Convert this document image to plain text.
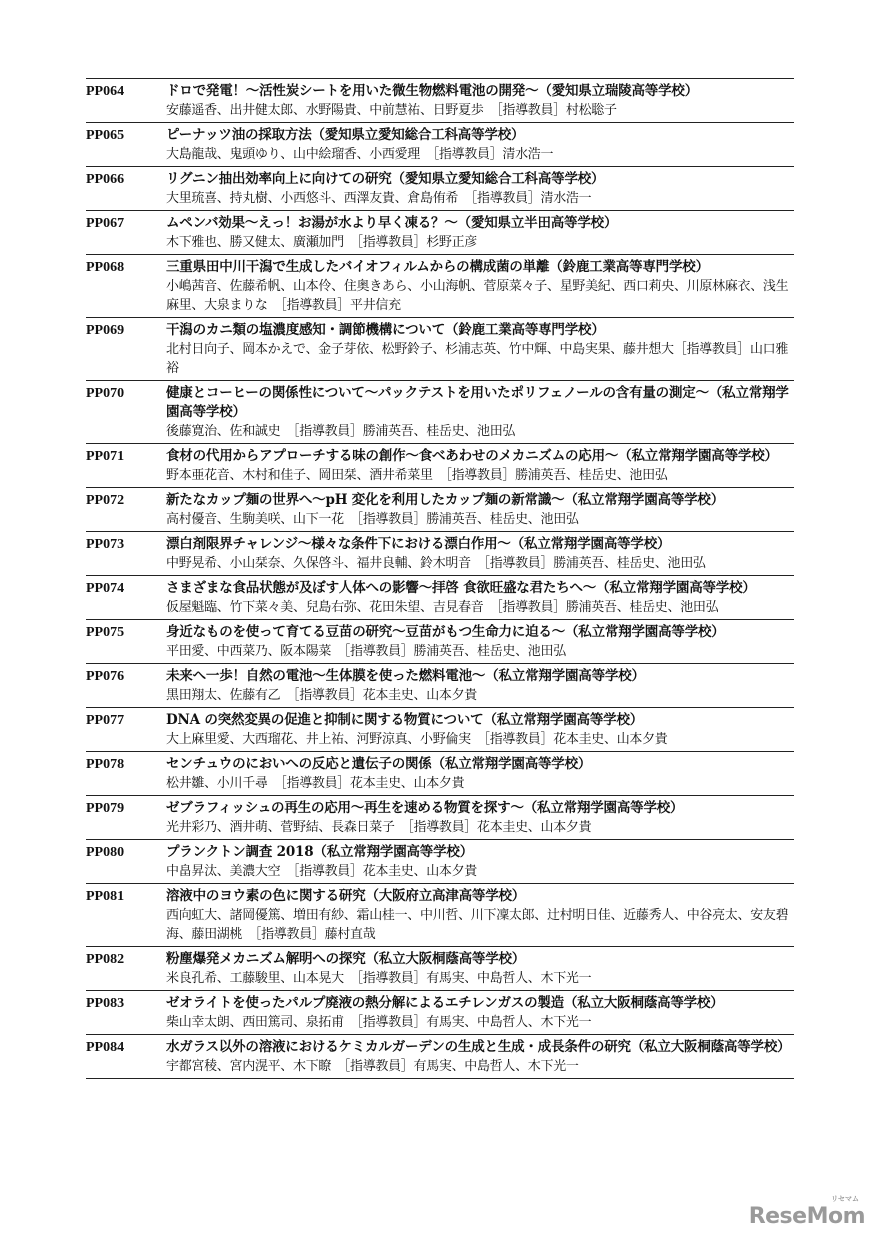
PP064	ドロで発電！〜活性炭シートを用いた微生物燃料電池の開発〜（愛知県立瑞陵高等学校）
安藤遥香、出井健太郎、水野陽貴、中前慧祐、日野夏歩　［指導教員］村松聡子
PP065	ピーナッツ油の採取方法（愛知県立愛知総合工科高等学校）
大島龍哉、鬼頭ゆり、山中絵瑠香、小西愛理　［指導教員］清水浩一
PP066	リグニン抽出効率向上に向けての研究（愛知県立愛知総合工科高等学校）
大里琉喜、持丸樹、小西悠斗、西澤友貴、倉島侑希　［指導教員］清水浩一
PP067	ムペンバ効果〜えっ！お湯が水より早く凍る？〜（愛知県立半田高等学校）
木下雅也、勝又健太、廣瀬加門　［指導教員］杉野正彦
PP068	三重県田中川干潟で生成したバイオフィルムからの構成菌の単離（鈴鹿工業高等専門学校）
小嶋茜音、佐藤希帆、山本伶、住奥きあら、小山海帆、菅原菜々子、星野美紀、西口莉央、川原林麻衣、浅生麻里、大泉まりな　［指導教員］平井信充
PP069	干潟のカニ類の塩濃度感知・調節機構について（鈴鹿工業高等専門学校）
北村日向子、岡本かえで、金子芽依、松野鈴子、杉浦志英、竹中輝、中島実果、藤井想大［指導教員］山口雅裕
PP070	健康とコーヒーの関係性について〜パックテストを用いたポリフェノールの含有量の測定〜（私立常翔学園高等学校）
後藤寛治、佐和誠史　［指導教員］勝浦英吾、桂岳史、池田弘
PP071	食材の代用からアプローチする味の創作〜食べあわせのメカニズムの応用〜（私立常翔学園高等学校）
野本亜花音、木村和佳子、岡田栞、酒井希菜里　［指導教員］勝浦英吾、桂岳史、池田弘
PP072	新たなカップ麺の世界へ〜pH 変化を利用したカップ麺の新常識〜（私立常翔学園高等学校）
高村優音、生駒美咲、山下一花　［指導教員］勝浦英吾、桂岳史、池田弘
PP073	漂白剤限界チャレンジ〜様々な条件下における漂白作用〜（私立常翔学園高等学校）
中野晃希、小山栞奈、久保啓斗、福井良輔、鈴木明音　［指導教員］勝浦英吾、桂岳史、池田弘
PP074	さまざまな食品状態が及ぼす人体への影響〜拝啓 食欲旺盛な君たちへ〜（私立常翔学園高等学校）
仮屋魁臨、竹下菜々美、兒島右弥、花田朱望、吉見春音　［指導教員］勝浦英吾、桂岳史、池田弘
PP075	身近なものを使って育てる豆苗の研究〜豆苗がもつ生命力に迫る〜（私立常翔学園高等学校）
平田愛、中西菜乃、阪本陽菜　［指導教員］勝浦英吾、桂岳史、池田弘
PP076	未来へ一歩！自然の電池〜生体膜を使った燃料電池〜（私立常翔学園高等学校）
黒田翔太、佐藤有乙　［指導教員］花本圭史、山本夕貴
PP077	DNA の突然変異の促進と抑制に関する物質について（私立常翔学園高等学校）
大上麻里愛、大西瑠花、井上祐、河野涼真、小野倫実　［指導教員］花本圭史、山本夕貴
PP078	センチュウのにおいへの反応と遺伝子の関係（私立常翔学園高等学校）
松井雛、小川千尋　［指導教員］花本圭史、山本夕貴
PP079	ゼブラフィッシュの再生の応用〜再生を速める物質を探す〜（私立常翔学園高等学校）
光井彩乃、酒井萌、菅野結、長森日菜子　［指導教員］花本圭史、山本夕貴
PP080	プランクトン調査 2018（私立常翔学園高等学校）
中畠昇汰、美濃大空　［指導教員］花本圭史、山本夕貴
PP081	溶液中のヨウ素の色に関する研究（大阪府立高津高等学校）
西向虹大、諸岡優篤、増田有紗、霜山桂一、中川哲、川下凜太郎、辻村明日佳、近藤秀人、中谷亮太、安友碧海、藤田湖桃　［指導教員］藤村直哉
PP082	粉塵爆発メカニズム解明への探究（私立大阪桐蔭高等学校）
米良孔希、工藤駿里、山本晃大　［指導教員］有馬実、中島哲人、木下光一
PP083	ゼオライトを使ったパルプ廃液の熱分解によるエチレンガスの製造（私立大阪桐蔭高等学校）
柴山幸太朗、西田篤司、泉拓甫　［指導教員］有馬実、中島哲人、木下光一
PP084	水ガラス以外の溶液におけるケミカルガーデンの生成と生成・成長条件の研究（私立大阪桐蔭高等学校）
宇都宮稜、宮内滉平、木下瞭　［指導教員］有馬実、中島哲人、木下光一
リセマム
ReseMom
